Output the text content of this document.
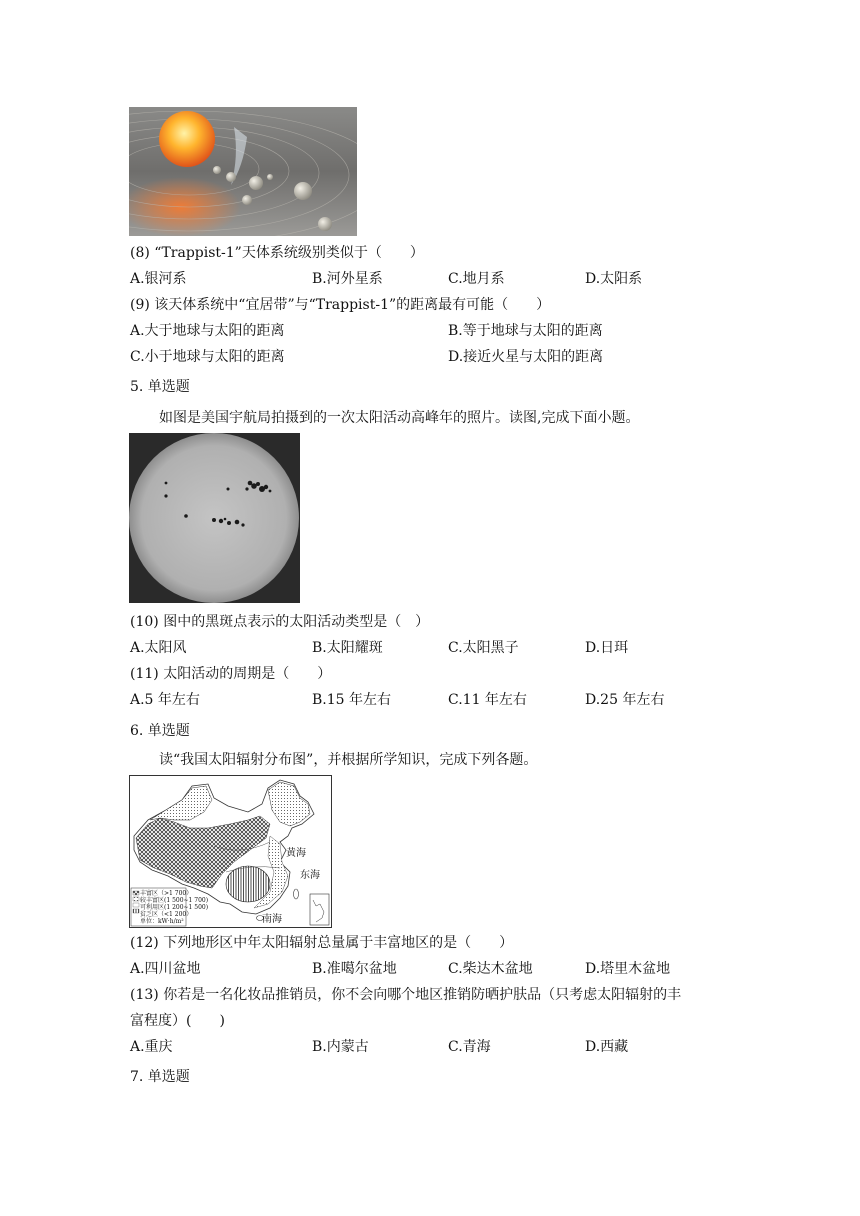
(8) “Trappist-1”天体系统级别类似于（　　）
A.银河系	B.河外星系	C.地月系	D.太阳系
(9) 该天体系统中“宜居带”与“Trappist-1”的距离最有可能（　　）
A.大于地球与太阳的距离	B.等于地球与太阳的距离
C.小于地球与太阳的距离	D.接近火星与太阳的距离
5. 单选题
如图是美国宇航局拍摄到的一次太阳活动高峰年的照片。读图,完成下面小题。
(10) 图中的黑斑点表示的太阳活动类型是（　）
A.太阳风	B.太阳耀斑	C.太阳黑子	D.日珥
(11) 太阳活动的周期是（　　）
A.5 年左右	B.15 年左右	C.11 年左右	D.25 年左右
6. 单选题
读“我国太阳辐射分布图”，并根据所学知识，完成下列各题。
丰富区（>1 700）
较丰富区(1 500~1 700)
可利用区(1 200~1 500)
贫乏区（<1 200）
单位：kW·h/m²
黄海
东海
南海
(12) 下列地形区中年太阳辐射总量属于丰富地区的是（　　）
A.四川盆地	B.准噶尔盆地	C.柴达木盆地	D.塔里木盆地
(13) 你若是一名化妆品推销员，你不会向哪个地区推销防晒护肤品（只考虑太阳辐射的丰
富程度）(　　)
A.重庆	B.内蒙古	C.青海	D.西藏
7. 单选题
